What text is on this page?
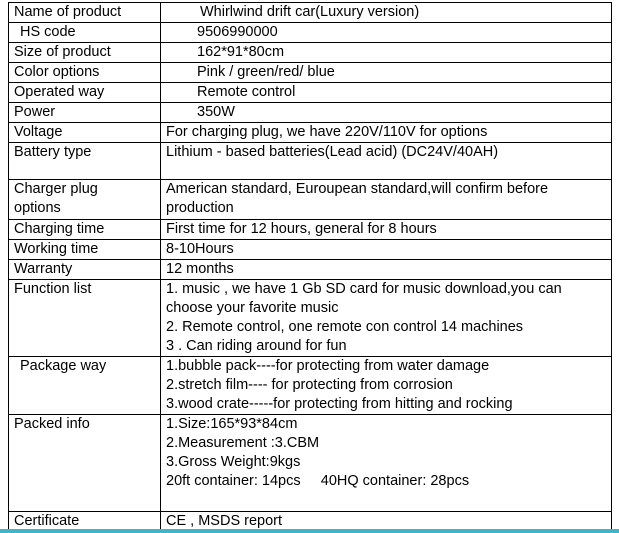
Name of product	Whirlwind drift car(Luxury version)

HS code	9506990000

Size of product	162*91*80cm

Color options	Pink / green/red/ blue

Operated way	Remote control

Power	350W

Voltage	For charging plug, we have 220V/110V for options

Battery type	Lithium - based batteries(Lead acid) (DC24V/40AH)

Charger plug
options	American standard, Euroupean standard,will confirm before
production

Charging time	First time for 12 hours, general for 8 hours

Working time	8-10Hours

Warranty	12 months

Function list	1. music , we have 1 Gb SD card for music download,you can
choose your favorite music
2. Remote control, one remote con control 14 machines
3 . Can riding around for fun

Package way	1.bubble pack----for protecting from water damage
2.stretch film---- for protecting from corrosion
3.wood crate-----for protecting from hitting and rocking

Packed info	1.Size:165*93*84cm
2.Measurement :3.CBM
3.Gross Weight:9kgs
20ft container: 14pcs     40HQ container: 28pcs

Certificate	CE , MSDS report
